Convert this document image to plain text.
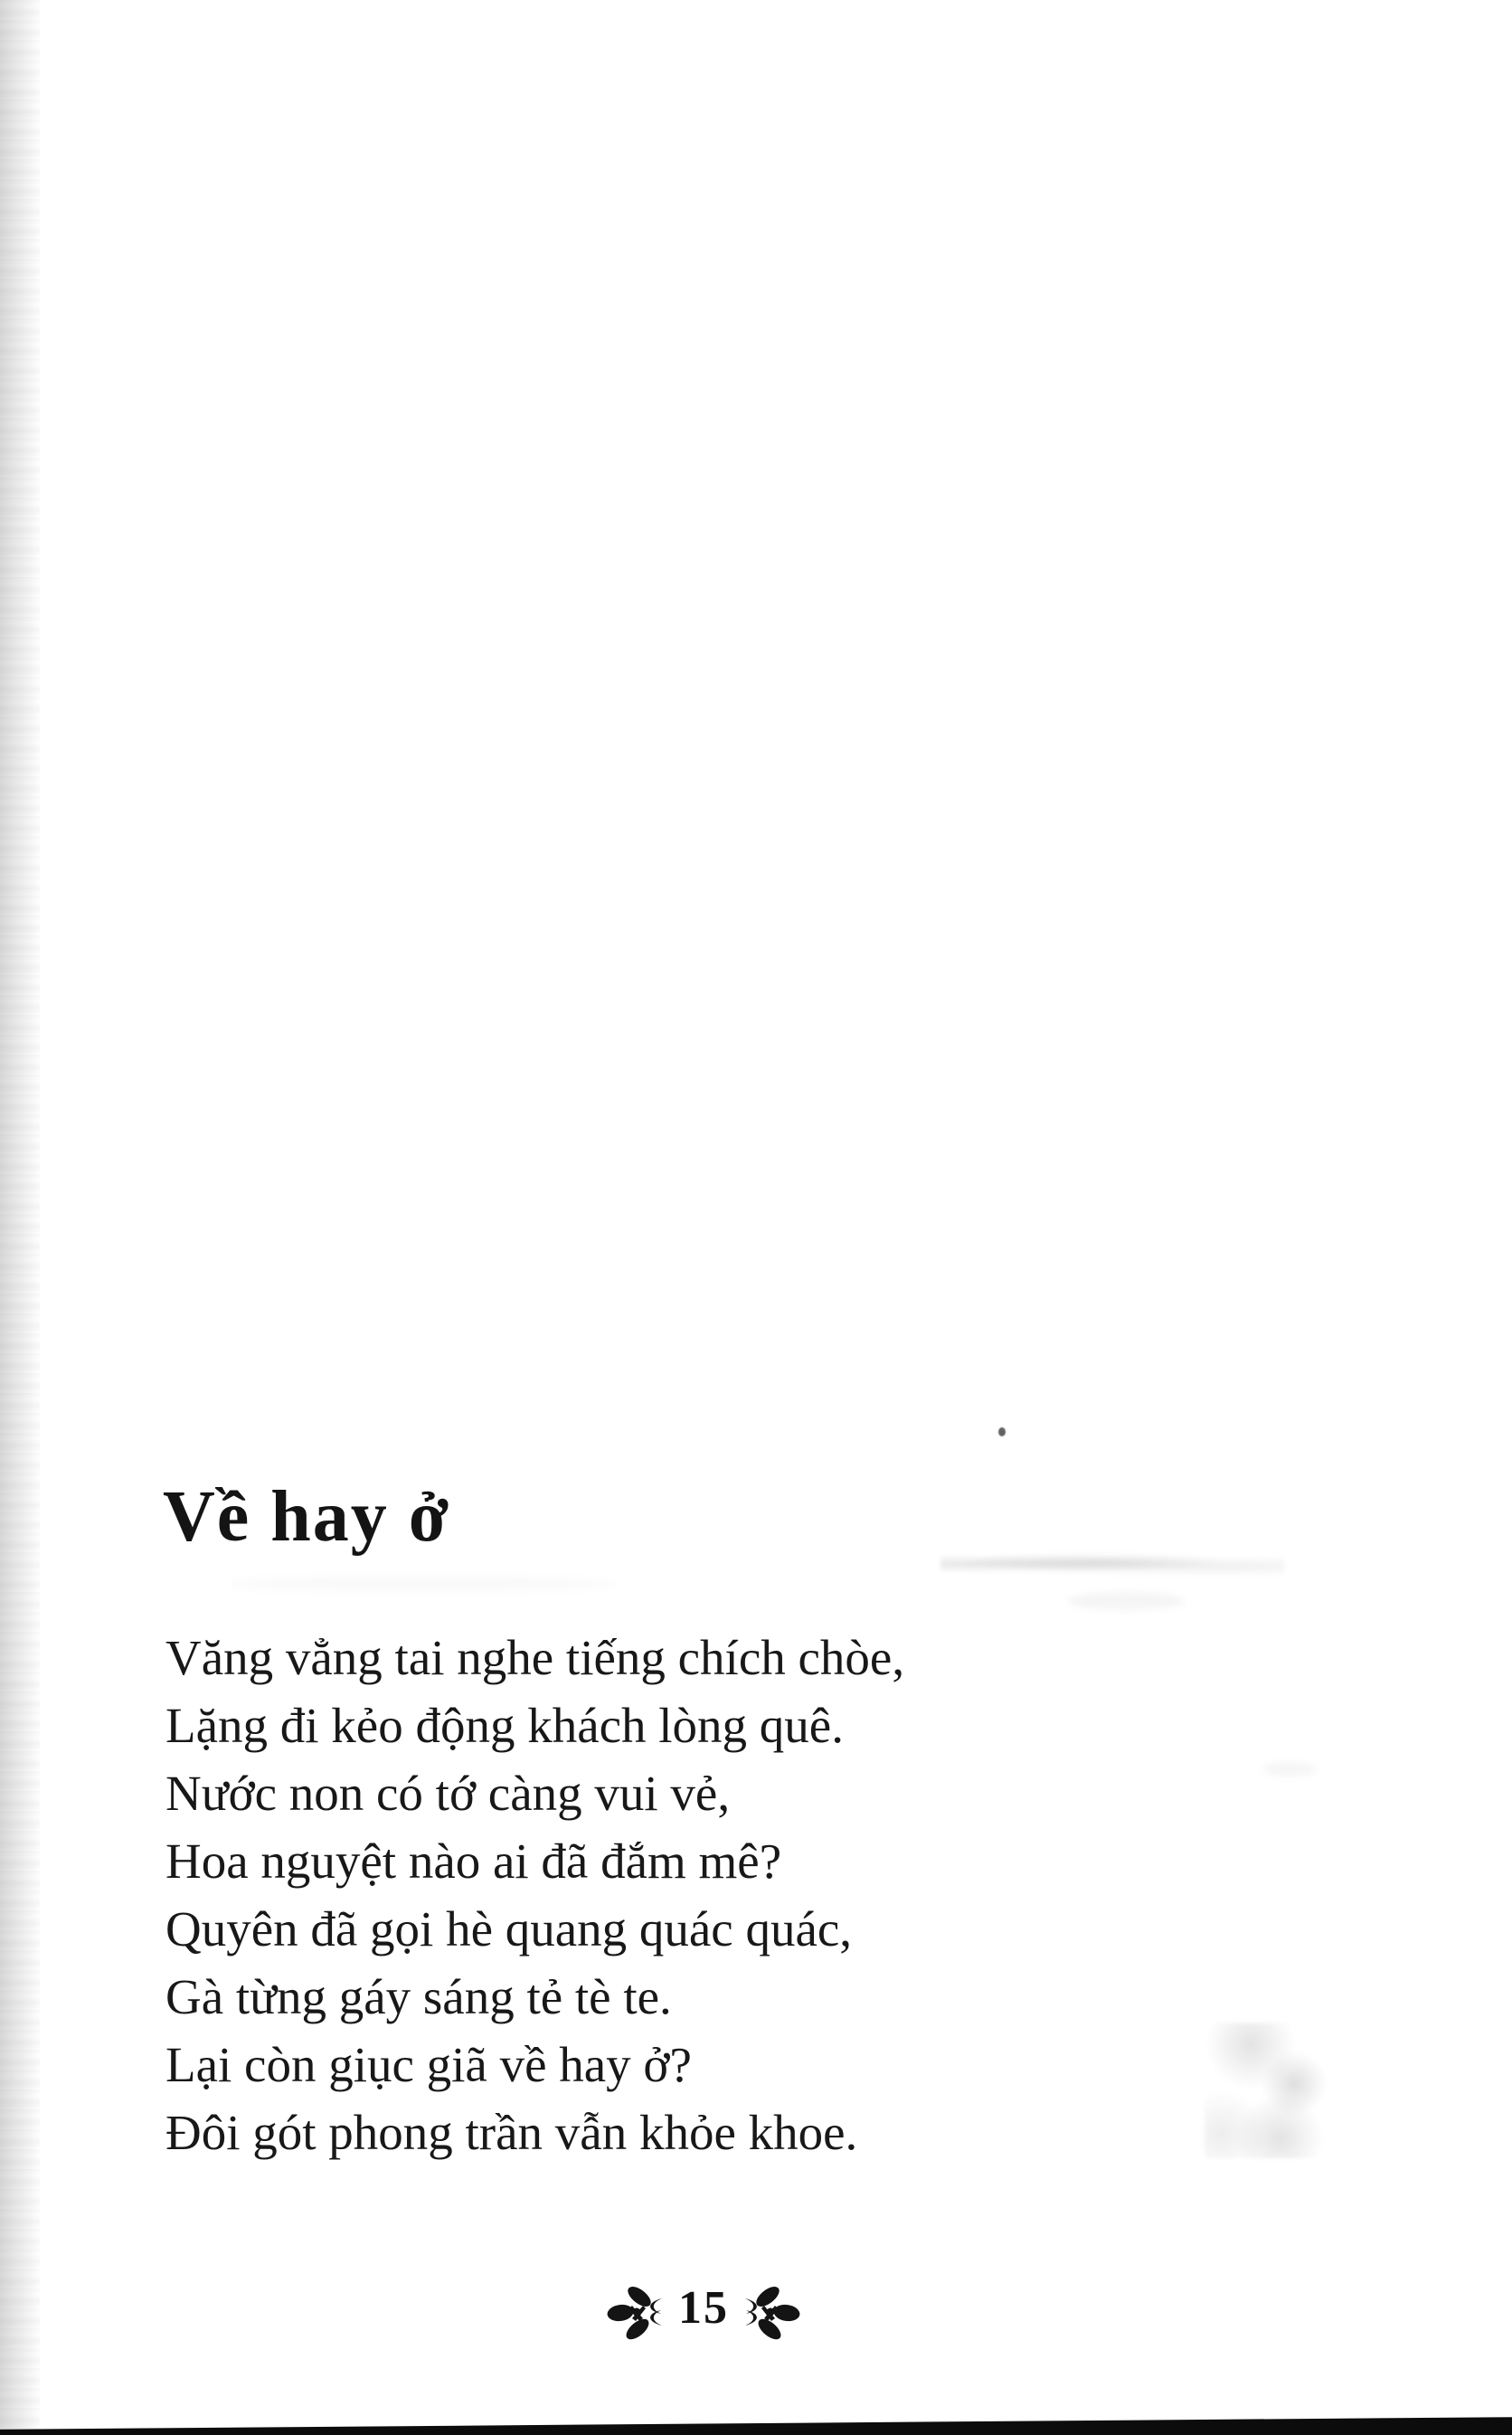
Về hay ở
Văng vẳng tai nghe tiếng chích chòe,
Lặng đi kẻo động khách lòng quê.
Nước non có tớ càng vui vẻ,
Hoa nguyệt nào ai đã đắm mê?
Quyên đã gọi hè quang quác quác,
Gà từng gáy sáng tẻ tè te.
Lại còn giục giã về hay ở?
Đôi gót phong trần vẫn khỏe khoe.
15
